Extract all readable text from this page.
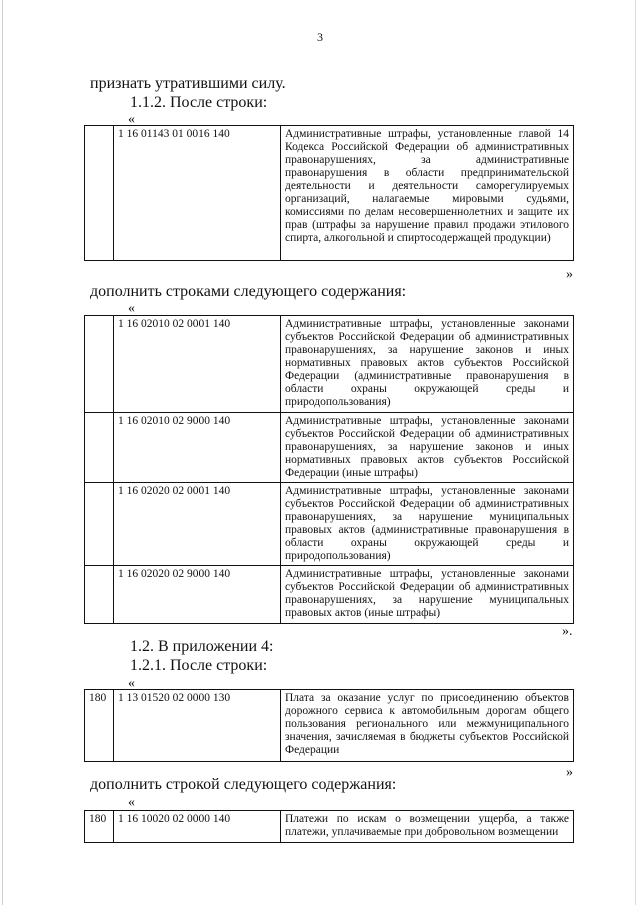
3
признать утратившими силу.
1.1.2. После строки:
«
	1 16 01143 01 0016 140	Административные штрафы, установленные главой 14 Кодекса Российской Федерации об административных правонарушениях, за административные правонарушения в области предпринимательской деятельности и деятельности саморегулируемых организаций, налагаемые мировыми судьями, комиссиями по делам несовершеннолетних и защите их прав (штрафы за нарушение правил продажи этилового спирта, алкогольной и спиртосодержащей продукции)
»
дополнить строками следующего содержания:
«
	1 16 02010 02 0001 140	Административные штрафы, установленные законами субъектов Российской Федерации об административных правонарушениях, за нарушение законов и иных нормативных правовых актов субъектов Российской Федерации (административные правонарушения в области охраны окружающей среды и природопользования)
	1 16 02010 02 9000 140	Административные штрафы, установленные законами субъектов Российской Федерации об административных правонарушениях, за нарушение законов и иных нормативных правовых актов субъектов Российской Федерации (иные штрафы)
	1 16 02020 02 0001 140	Административные штрафы, установленные законами субъектов Российской Федерации об административных правонарушениях, за нарушение муниципальных правовых актов (административные правонарушения в области охраны окружающей среды и природопользования)
	1 16 02020 02 9000 140	Административные штрафы, установленные законами субъектов Российской Федерации об административных правонарушениях, за нарушение муниципальных правовых актов (иные штрафы)
».
1.2. В приложении 4:
1.2.1. После строки:
«
180	1 13 01520 02 0000 130	Плата за оказание услуг по присоединению объектов дорожного сервиса к автомобильным дорогам общего пользования регионального или межмуниципального значения, зачисляемая в бюджеты субъектов Российской Федерации
»
дополнить строкой следующего содержания:
«
180	1 16 10020 02 0000 140	Платежи по искам о возмещении ущерба, а также платежи, уплачиваемые при добровольном возмещении
